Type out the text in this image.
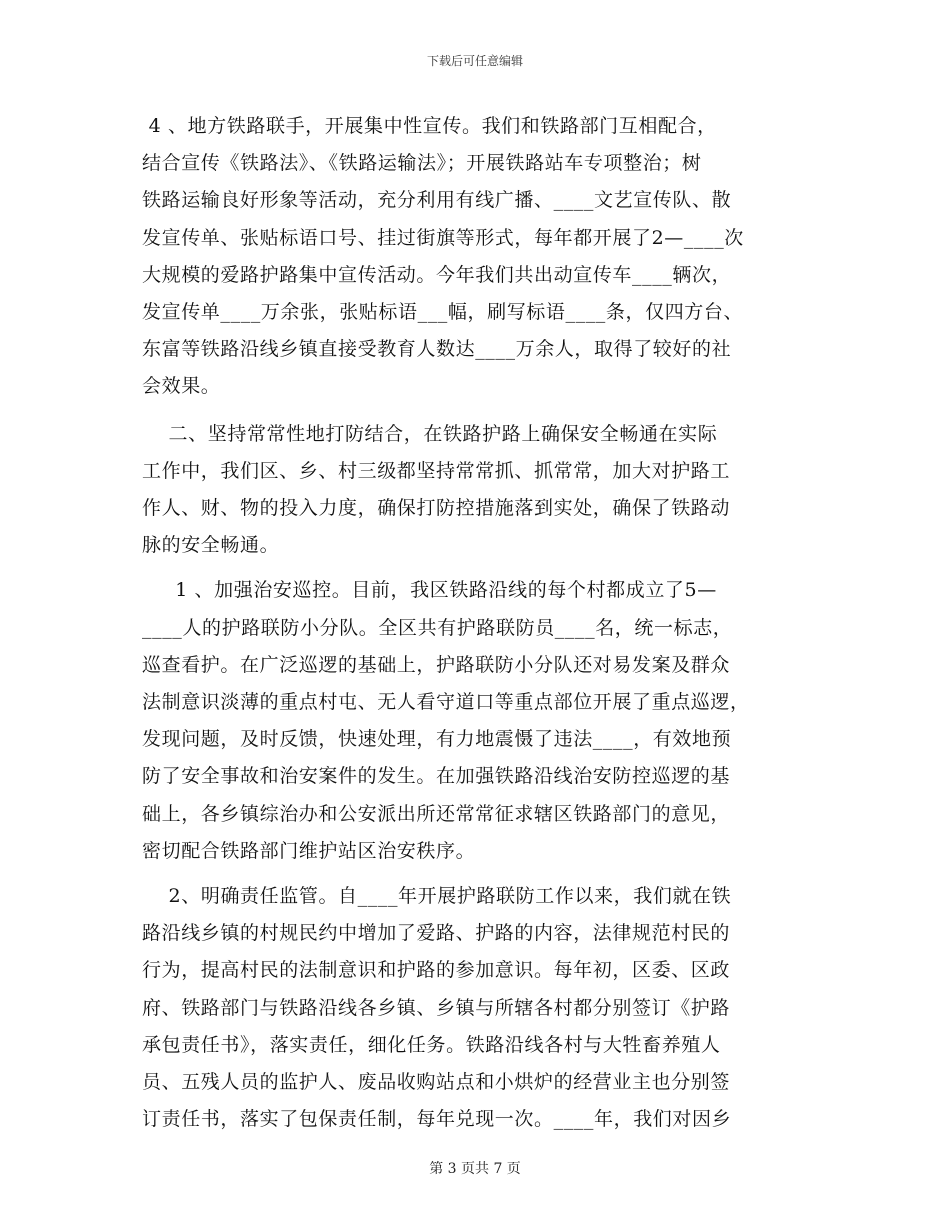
下载后可任意编辑

4 、地方铁路联手，开展集中性宣传。我们和铁路部门互相配合，
结合宣传《铁路法》、《铁路运输法》；开展铁路站车专项整治；树
铁路运输良好形象等活动，充分利用有线广播、____文艺宣传队、散
发宣传单、张贴标语口号、挂过街旗等形式，每年都开展了2—____次
大规模的爱路护路集中宣传活动。今年我们共出动宣传车____辆次，
发宣传单____万余张，张贴标语___幅，刷写标语____条，仅四方台、
东富等铁路沿线乡镇直接受教育人数达____万余人，取得了较好的社
会效果。

二、坚持常常性地打防结合，在铁路护路上确保安全畅通在实际
工作中，我们区、乡、村三级都坚持常常抓、抓常常，加大对护路工
作人、财、物的投入力度，确保打防控措施落到实处，确保了铁路动
脉的安全畅通。

1 、加强治安巡控。目前，我区铁路沿线的每个村都成立了5—
____人的护路联防小分队。全区共有护路联防员____名，统一标志，
巡查看护。在广泛巡逻的基础上，护路联防小分队还对易发案及群众
法制意识淡薄的重点村屯、无人看守道口等重点部位开展了重点巡逻，
发现问题，及时反馈，快速处理，有力地震慑了违法____，有效地预
防了安全事故和治安案件的发生。在加强铁路沿线治安防控巡逻的基
础上，各乡镇综治办和公安派出所还常常征求辖区铁路部门的意见，
密切配合铁路部门维护站区治安秩序。

2、明确责任监管。自____年开展护路联防工作以来，我们就在铁
路沿线乡镇的村规民约中增加了爱路、护路的内容，法律规范村民的
行为，提高村民的法制意识和护路的参加意识。每年初，区委、区政
府、铁路部门与铁路沿线各乡镇、乡镇与所辖各村都分别签订《护路
承包责任书》，落实责任，细化任务。铁路沿线各村与大牲畜养殖人
员、五残人员的监护人、废品收购站点和小烘炉的经营业主也分别签
订责任书，落实了包保责任制，每年兑现一次。____年，我们对因乡

第 3 页共 7 页
